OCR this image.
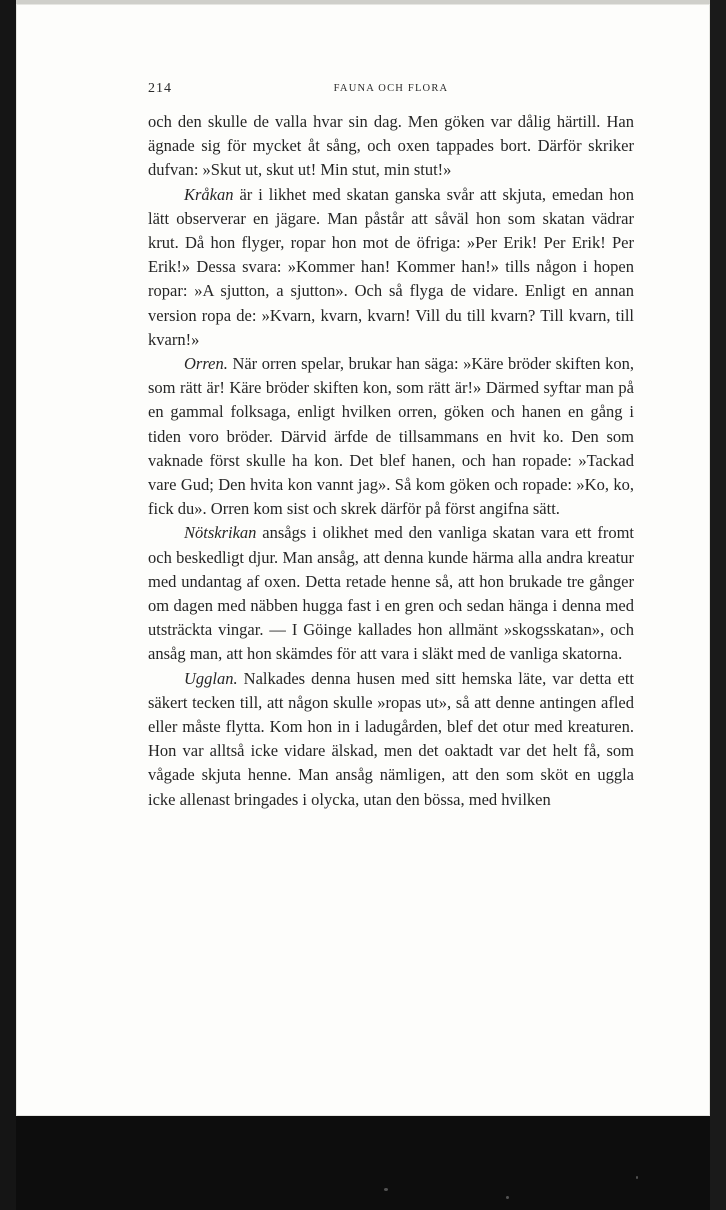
214	FAUNA OCH FLORA

och den skulle de valla hvar sin dag. Men göken var dålig härtill. Han ägnade sig för mycket åt sång, och oxen tappades bort. Därför skriker dufvan: »Skut ut, skut ut! Min stut, min stut!»

Kråkan är i likhet med skatan ganska svår att skjuta, emedan hon lätt observerar en jägare. Man påstår att såväl hon som skatan vädrar krut. Då hon flyger, ropar hon mot de öfriga: »Per Erik! Per Erik! Per Erik!» Dessa svara: »Kommer han! Kommer han!» tills någon i hopen ropar: »A sjutton, a sjutton». Och så flyga de vidare. Enligt en annan version ropa de: »Kvarn, kvarn, kvarn! Vill du till kvarn? Till kvarn, till kvarn!»

Orren. När orren spelar, brukar han säga: »Käre bröder skiften kon, som rätt är! Käre bröder skiften kon, som rätt är!» Därmed syftar man på en gammal folksaga, enligt hvilken orren, göken och hanen en gång i tiden voro bröder. Därvid ärfde de tillsammans en hvit ko. Den som vaknade först skulle ha kon. Det blef hanen, och han ropade: »Tackad vare Gud; Den hvita kon vannt jag». Så kom göken och ropade: »Ko, ko, fick du». Orren kom sist och skrek därför på först angifna sätt.

Nötskrikan ansågs i olikhet med den vanliga skatan vara ett fromt och beskedligt djur. Man ansåg, att denna kunde härma alla andra kreatur med undantag af oxen. Detta retade henne så, att hon brukade tre gånger om dagen med näbben hugga fast i en gren och sedan hänga i denna med utsträckta vingar. — I Göinge kallades hon allmänt »skogsskatan», och ansåg man, att hon skämdes för att vara i släkt med de vanliga skatorna.

Ugglan. Nalkades denna husen med sitt hemska läte, var detta ett säkert tecken till, att någon skulle »ropas ut», så att denne antingen afled eller måste flytta. Kom hon in i ladugården, blef det otur med kreaturen. Hon var alltså icke vidare älskad, men det oaktadt var det helt få, som vågade skjuta henne. Man ansåg nämligen, att den som sköt en uggla icke allenast bringades i olycka, utan den bössa, med hvilken
